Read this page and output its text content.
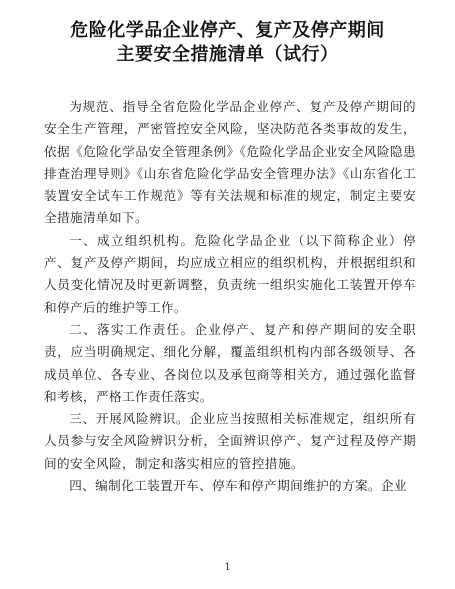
危险化学品企业停产、复产及停产期间
主要安全措施清单（试行）

为规范、指导全省危险化学品企业停产、复产及停产期间的安全生产管理，严密管控安全风险，坚决防范各类事故的发生，依据《危险化学品安全管理条例》《危险化学品企业安全风险隐患排查治理导则》《山东省危险化学品安全管理办法》《山东省化工装置安全试车工作规范》等有关法规和标准的规定，制定主要安全措施清单如下。

一、成立组织机构。危险化学品企业（以下简称企业）停产、复产及停产期间，均应成立相应的组织机构，并根据组织和人员变化情况及时更新调整，负责统一组织实施化工装置开停车和停产后的维护等工作。

二、落实工作责任。企业停产、复产和停产期间的安全职责，应当明确规定、细化分解，覆盖组织机构内部各级领导、各成员单位、各专业、各岗位以及承包商等相关方，通过强化监督和考核，严格工作责任落实。

三、开展风险辨识。企业应当按照相关标准规定，组织所有人员参与安全风险辨识分析，全面辨识停产、复产过程及停产期间的安全风险，制定和落实相应的管控措施。

四、编制化工装置开车、停车和停产期间维护的方案。企业

1
